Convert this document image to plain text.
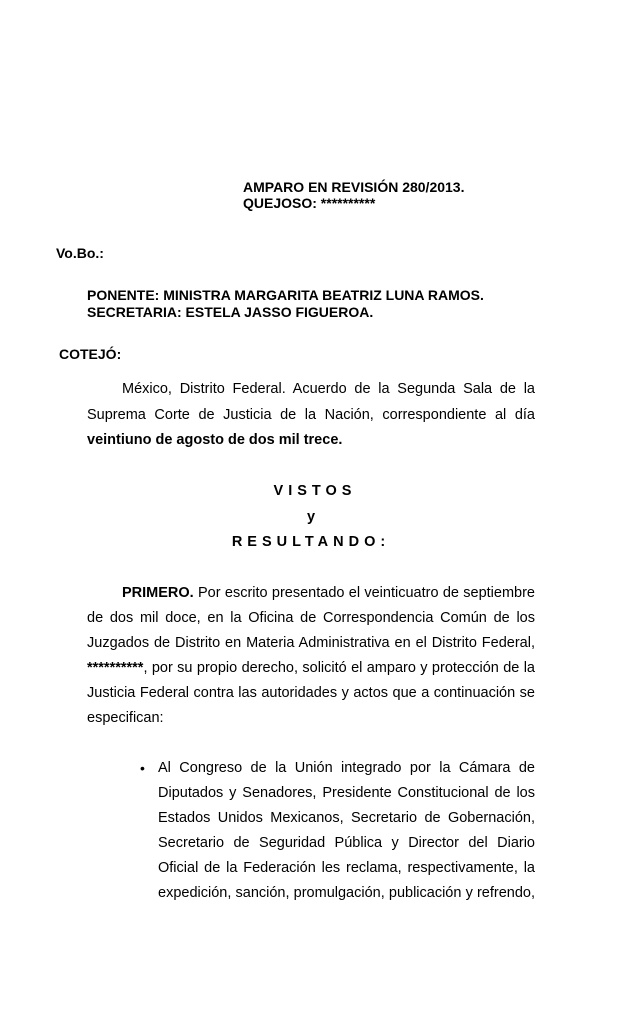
AMPARO EN REVISIÓN 280/2013.
QUEJOSO: **********
Vo.Bo.:
PONENTE: MINISTRA MARGARITA BEATRIZ LUNA RAMOS.
SECRETARIA: ESTELA JASSO FIGUEROA.
COTEJÓ:
México, Distrito Federal. Acuerdo de la Segunda Sala de la
Suprema Corte de Justicia de la Nación, correspondiente al día
veintiuno de agosto de dos mil trece.
VISTOS
y
RESULTANDO:
PRIMERO. Por escrito presentado el veinticuatro de septiembre
de dos mil doce, en la Oficina de Correspondencia Común de los
Juzgados de Distrito en Materia Administrativa en el Distrito Federal,
**********, por su propio derecho, solicitó el amparo y protección de la
Justicia Federal contra las autoridades y actos que a continuación se
especifican:
• Al Congreso de la Unión integrado por la Cámara de
Diputados y Senadores, Presidente Constitucional de los
Estados Unidos Mexicanos, Secretario de Gobernación,
Secretario de Seguridad Pública y Director del Diario
Oficial de la Federación les reclama, respectivamente, la
expedición, sanción, promulgación, publicación y refrendo,
